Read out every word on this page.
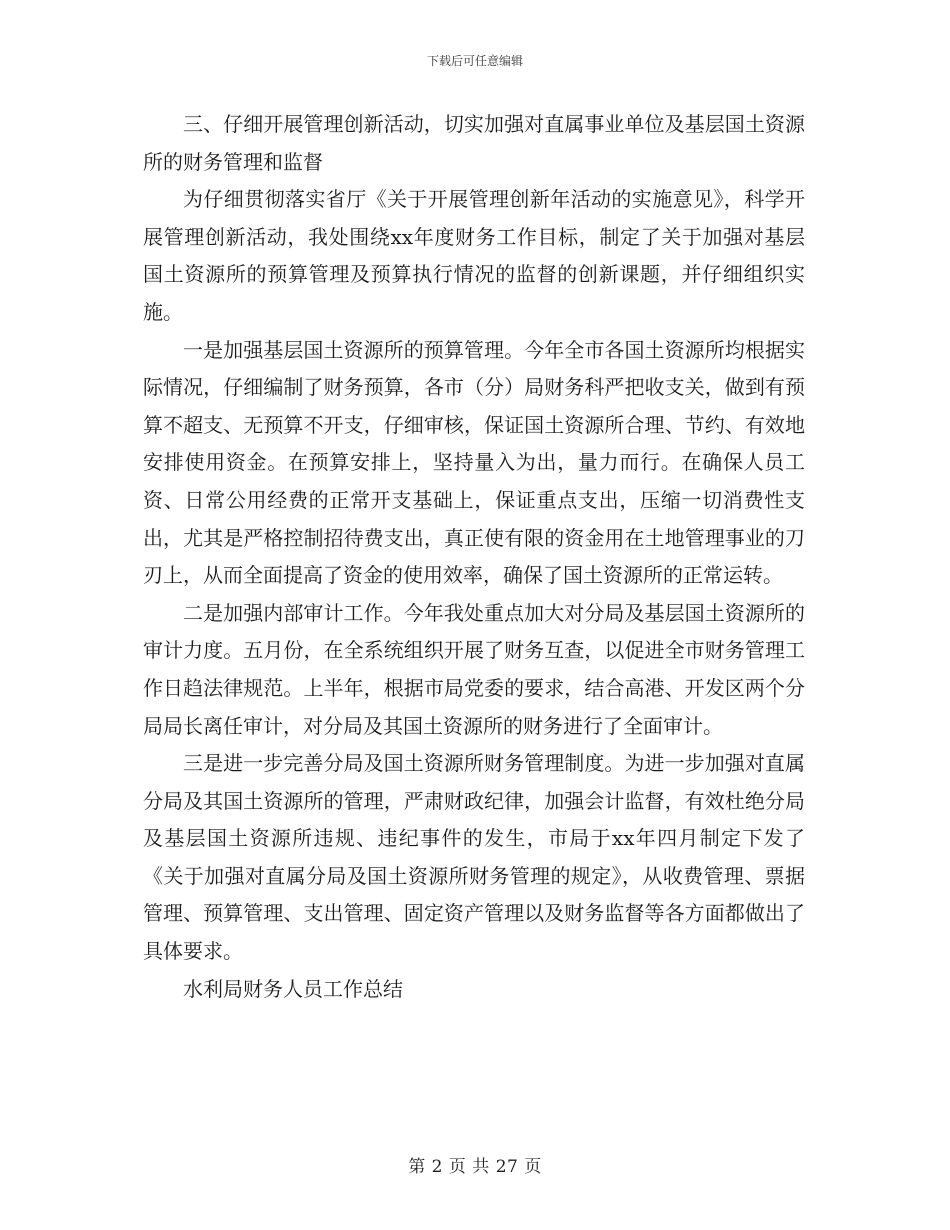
下载后可任意编辑

三、仔细开展管理创新活动，切实加强对直属事业单位及基层国土资源所的财务管理和监督

为仔细贯彻落实省厅《关于开展管理创新年活动的实施意见》，科学开展管理创新活动，我处围绕xx年度财务工作目标，制定了关于加强对基层国土资源所的预算管理及预算执行情况的监督的创新课题，并仔细组织实施。

一是加强基层国土资源所的预算管理。今年全市各国土资源所均根据实际情况，仔细编制了财务预算，各市（分）局财务科严把收支关，做到有预算不超支、无预算不开支，仔细审核，保证国土资源所合理、节约、有效地安排使用资金。在预算安排上，坚持量入为出，量力而行。在确保人员工资、日常公用经费的正常开支基础上，保证重点支出，压缩一切消费性支出，尤其是严格控制招待费支出，真正使有限的资金用在土地管理事业的刀刃上，从而全面提高了资金的使用效率，确保了国土资源所的正常运转。

二是加强内部审计工作。今年我处重点加大对分局及基层国土资源所的审计力度。五月份，在全系统组织开展了财务互查，以促进全市财务管理工作日趋法律规范。上半年，根据市局党委的要求，结合高港、开发区两个分局局长离任审计，对分局及其国土资源所的财务进行了全面审计。

三是进一步完善分局及国土资源所财务管理制度。为进一步加强对直属分局及其国土资源所的管理，严肃财政纪律，加强会计监督，有效杜绝分局及基层国土资源所违规、违纪事件的发生，市局于xx年四月制定下发了《关于加强对直属分局及国土资源所财务管理的规定》，从收费管理、票据管理、预算管理、支出管理、固定资产管理以及财务监督等各方面都做出了具体要求。

水利局财务人员工作总结

第 2 页 共 27 页
